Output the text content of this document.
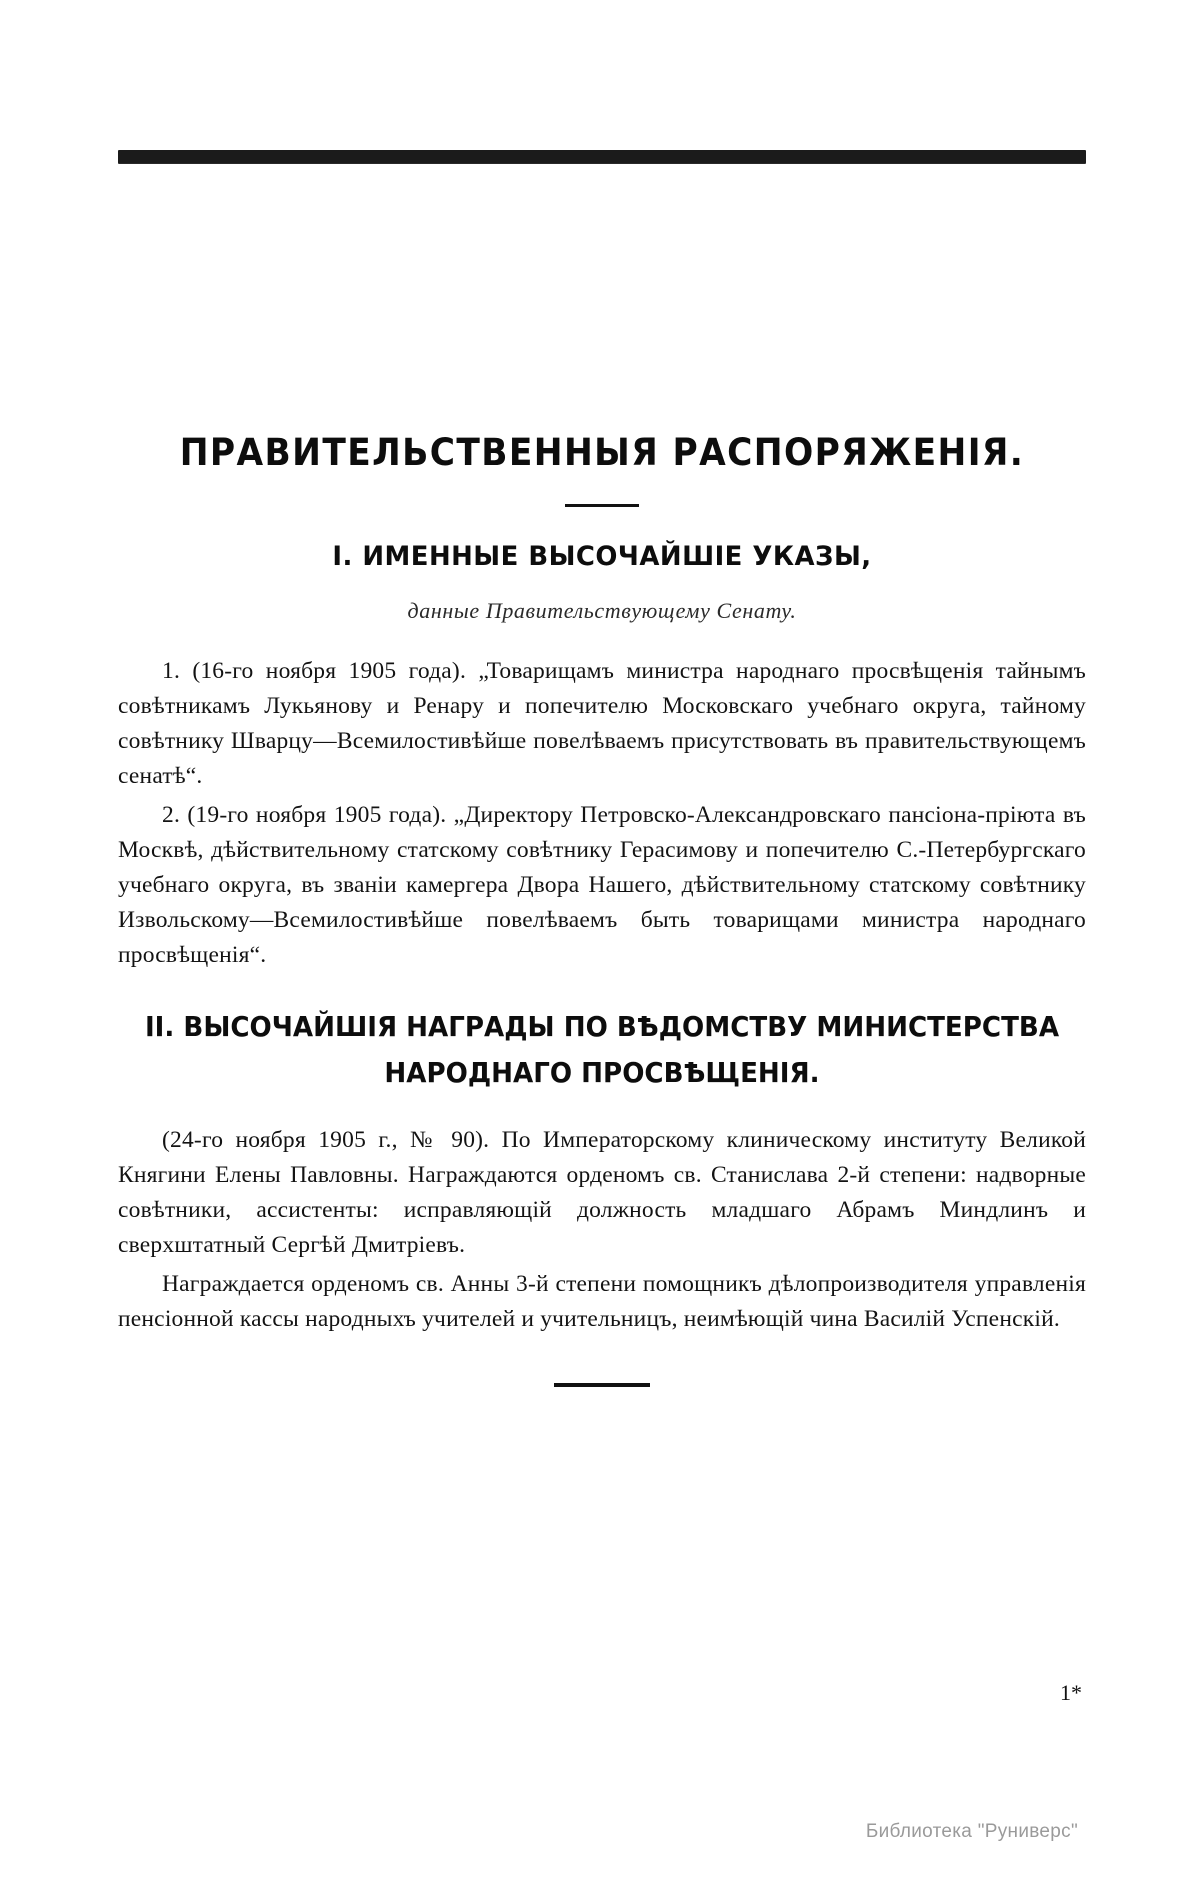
ПРАВИТЕЛЬСТВЕННЫЯ РАСПОРЯЖЕНІЯ.
I. ИМЕННЫЕ ВЫСОЧАЙШІЕ УКАЗЫ,
данные Правительствующему Сенату.

1. (16-го ноября 1905 года). „Товарищамъ министра народнаго просвѣщенія тайнымъ совѣтникамъ Лукьянову и Ренару и попечителю Московскаго учебнаго округа, тайному совѣтнику Шварцу—Всемилостивѣйше повелѣваемъ присутствовать въ правительствующемъ сенатѣ“.

2. (19-го ноября 1905 года). „Директору Петровско-Александровскаго пансіона-пріюта въ Москвѣ, дѣйствительному статскому совѣтнику Герасимову и попечителю С.-Петербургскаго учебнаго округа, въ званіи камергера Двора Нашего, дѣйствительному статскому совѣтнику Извольскому—Всемилостивѣйше повелѣваемъ быть товарищами министра народнаго просвѣщенія“.

II. ВЫСОЧАЙШІЯ НАГРАДЫ ПО ВѢДОМСТВУ МИНИСТЕРСТВА
НАРОДНАГО ПРОСВѢЩЕНІЯ.

(24-го ноября 1905 г., № 90). По Императорскому клиническому институту Великой Княгини Елены Павловны. Награждаются орденомъ св. Станислава 2-й степени: надворные совѣтники, ассистенты: исправляющій должность младшаго Абрамъ Миндлинъ и сверхштатный Сергѣй Дмитріевъ.

Награждается орденомъ св. Анны 3-й степени помощникъ дѣлопроизводителя управленія пенсіонной кассы народныхъ учителей и учительницъ, неимѣющій чина Василій Успенскій.

1*
Библиотека "Руниверс"
